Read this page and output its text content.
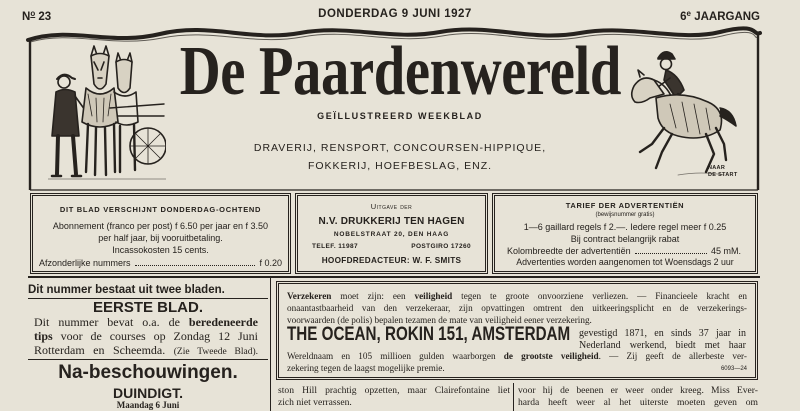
$N^o$ 23	DONDERDAG 9 JUNI 1927	6e JAARGANG
NAAR
DE START
De Paardenwereld
GEÏLLUSTREERD WEEKBLAD
DRAVERIJ, RENSPORT, CONCOURSEN-HIPPIQUE,
FOKKERIJ, HOEFBESLAG, ENZ.
DIT BLAD VERSCHIJNT DONDERDAG-OCHTEND
Abonnement (franco per post) f 6.50 per jaar en f 3.50
per half jaar, bij vooruitbetaling.
Incassokosten 15 cents.
Afzonderlijke nummers	f 0.20
Uitgave der
N.V. DRUKKERIJ TEN HAGEN
NOBELSTRAAT 20, DEN HAAG
TELEF. 11987	POSTGIRO 17260
HOOFDREDACTEUR: W. F. SMITS
TARIEF DER ADVERTENTIËN
(bewijsnummer gratis)
1—6 gaillard regels f 2.—. Iedere regel meer f 0.25
Bij contract belangrijk rabat
Kolombreedte der advertentiën	45 mM.
Advertenties worden aangenomen tot Woensdags 2 uur
Dit nummer bestaat uit twee bladen.
EERSTE BLAD.
Dit nummer bevat o.a. de beredeneerde
tips voor de courses op Zondag 12 Juni
Rotterdam en Scheemda. (Zie Tweede Blad).
Na-beschouwingen.
DUINDIGT.
Maandag 6 Juni
Verzekeren moet zijn: een veiligheid tegen te groote onvoorziene verliezen. — Financieele kracht en
onaantastbaarheid van den verzekeraar, zijn opvattingen omtrent den uitkeeringsplicht en de verzekerings-
voorwaarden (de polis) bepalen tezamen de mate van veiligheid eener verzekering.
THE OCEAN, ROKIN 151, AMSTERDAM gevestigd 1871, en sinds 37 jaar in
Nederland werkend, biedt met haar
Wereldnaam en 105 millioen gulden waarborgen de grootste veiligheid. — Zij geeft de allerbeste ver-
zekering tegen de laagst mogelijke premie.	6093—24
ston Hill prachtig opzetten, maar Clairefontaine liet
zich niet verrassen.
voor hij de beenen er weer onder kreeg. Miss Ever-
harda heeft weer al het uiterste moeten geven om
